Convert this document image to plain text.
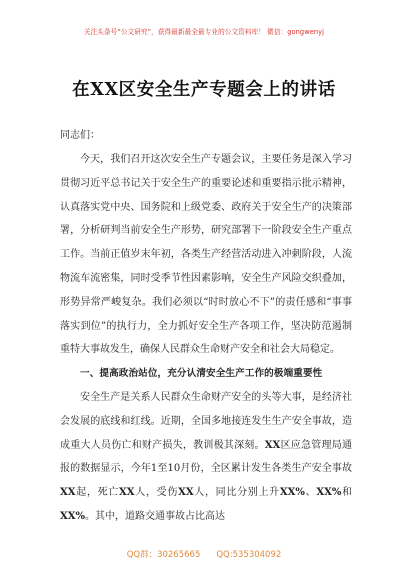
关注头条号“公文研究”，获得最新最全最专业的公文资料库！ 微信：gongwenyj
在XX区安全生产专题会上的讲话
同志们：

今天，我们召开这次安全生产专题会议，主要任务是深入学习贯彻习近平总书记关于安全生产的重要论述和重要指示批示精神，认真落实党中央、国务院和上级党委、政府关于安全生产的决策部署，分析研判当前安全生产形势，研究部署下一阶段安全生产重点工作。当前正值岁末年初，各类生产经营活动进入冲刺阶段，人流物流车流密集，同时受季节性因素影响，安全生产风险交织叠加，形势异常严峻复杂。我们必须以“时时放心不下”的责任感和“事事落实到位”的执行力，全力抓好安全生产各项工作，坚决防范遏制重特大事故发生，确保人民群众生命财产安全和社会大局稳定。

一、提高政治站位，充分认清安全生产工作的极端重要性

安全生产是关系人民群众生命财产安全的头等大事，是经济社会发展的底线和红线。近期，全国多地接连发生生产安全事故，造成重大人员伤亡和财产损失，教训极其深刻。XX区应急管理局通报的数据显示，今年1至10月份，全区累计发生各类生产安全事故XX起，死亡XX人，受伤XX人，同比分别上升XX%、XX%和XX%。其中，道路交通事故占比高达

QQ群：30265665 QQ:535304092
